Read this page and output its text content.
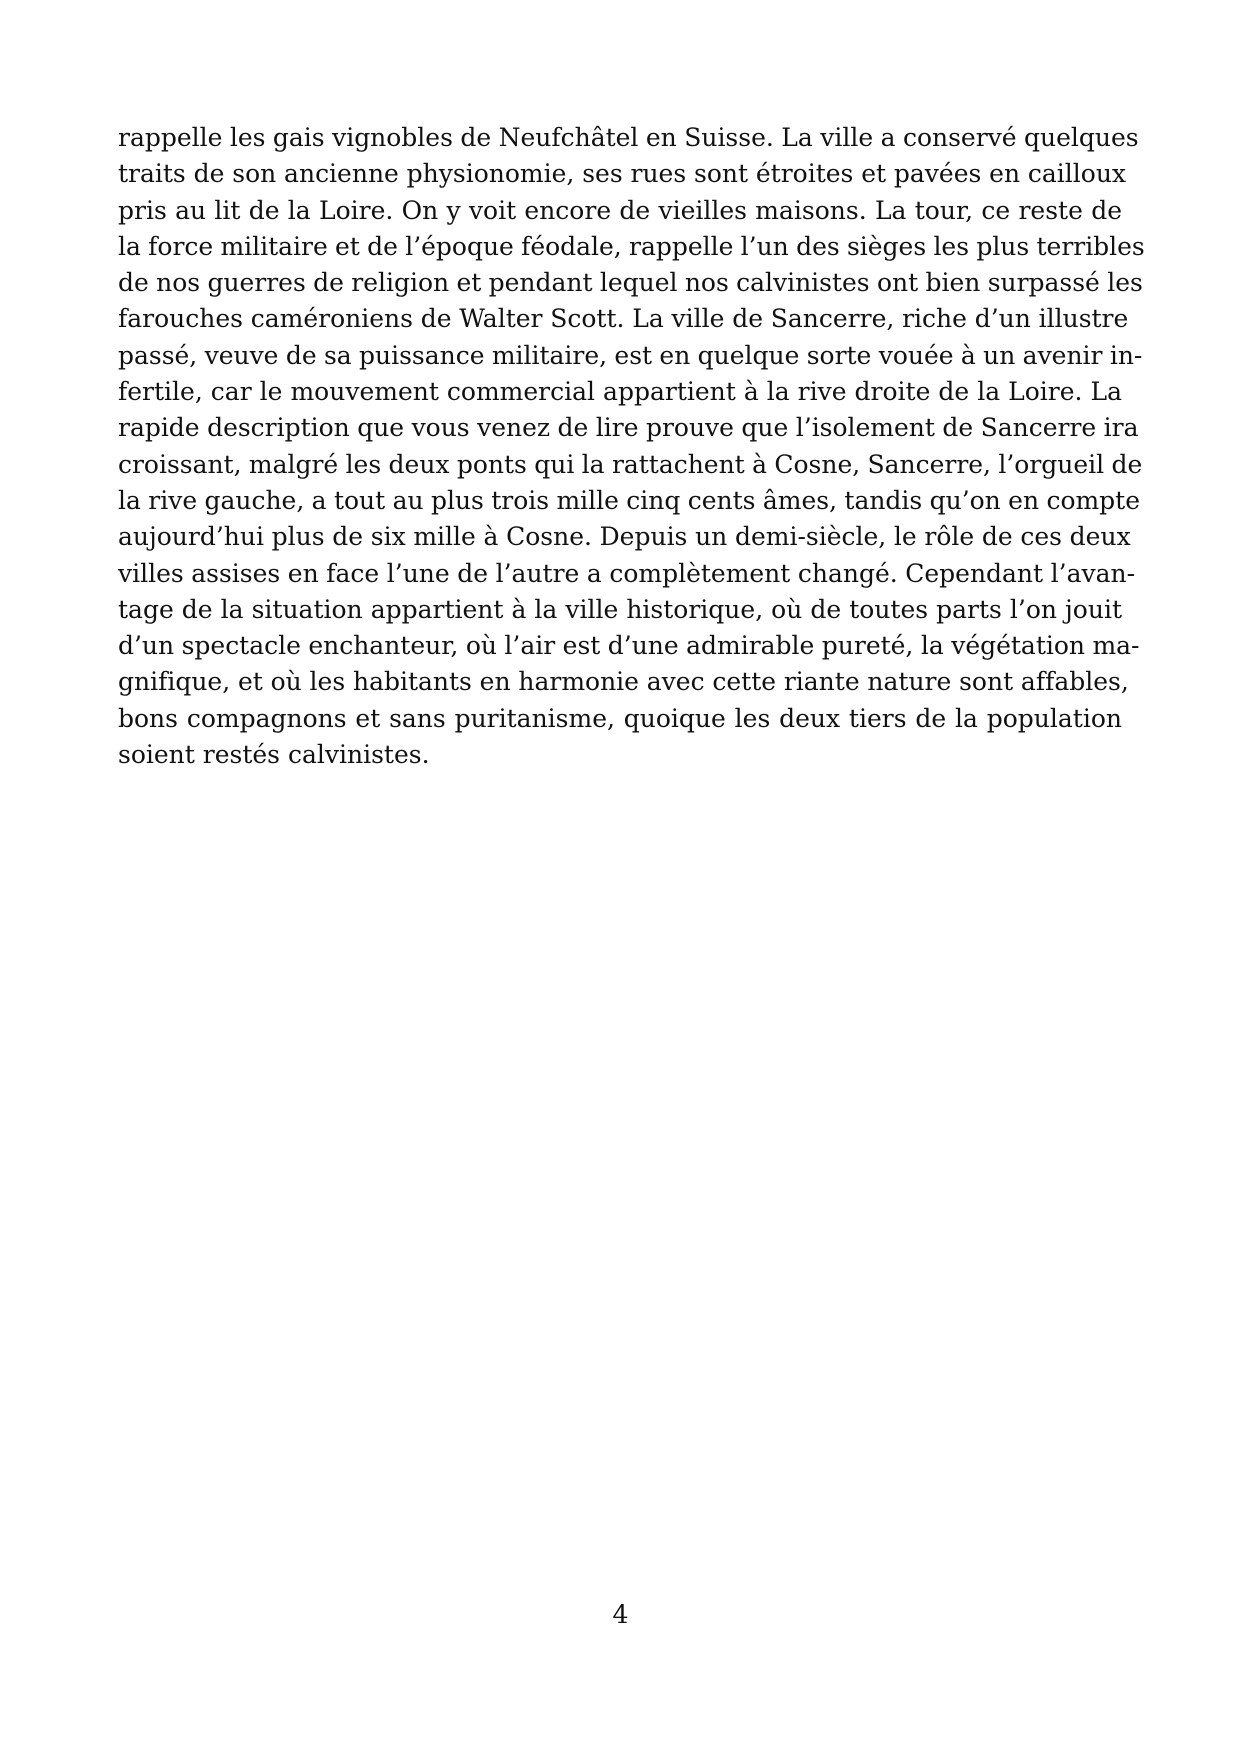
rappelle les gais vignobles de Neufchâtel en Suisse. La ville a conservé quelques
traits de son ancienne physionomie, ses rues sont étroites et pavées en cailloux
pris au lit de la Loire. On y voit encore de vieilles maisons. La tour, ce reste de
la force militaire et de l’époque féodale, rappelle l’un des sièges les plus terribles
de nos guerres de religion et pendant lequel nos calvinistes ont bien surpassé les
farouches caméroniens de Walter Scott. La ville de Sancerre, riche d’un illustre
passé, veuve de sa puissance militaire, est en quelque sorte vouée à un avenir in-
fertile, car le mouvement commercial appartient à la rive droite de la Loire. La
rapide description que vous venez de lire prouve que l’isolement de Sancerre ira
croissant, malgré les deux ponts qui la rattachent à Cosne, Sancerre, l’orgueil de
la rive gauche, a tout au plus trois mille cinq cents âmes, tandis qu’on en compte
aujourd’hui plus de six mille à Cosne. Depuis un demi-siècle, le rôle de ces deux
villes assises en face l’une de l’autre a complètement changé. Cependant l’avan-
tage de la situation appartient à la ville historique, où de toutes parts l’on jouit
d’un spectacle enchanteur, où l’air est d’une admirable pureté, la végétation ma-
gnifique, et où les habitants en harmonie avec cette riante nature sont affables,
bons compagnons et sans puritanisme, quoique les deux tiers de la population
soient restés calvinistes.
4
